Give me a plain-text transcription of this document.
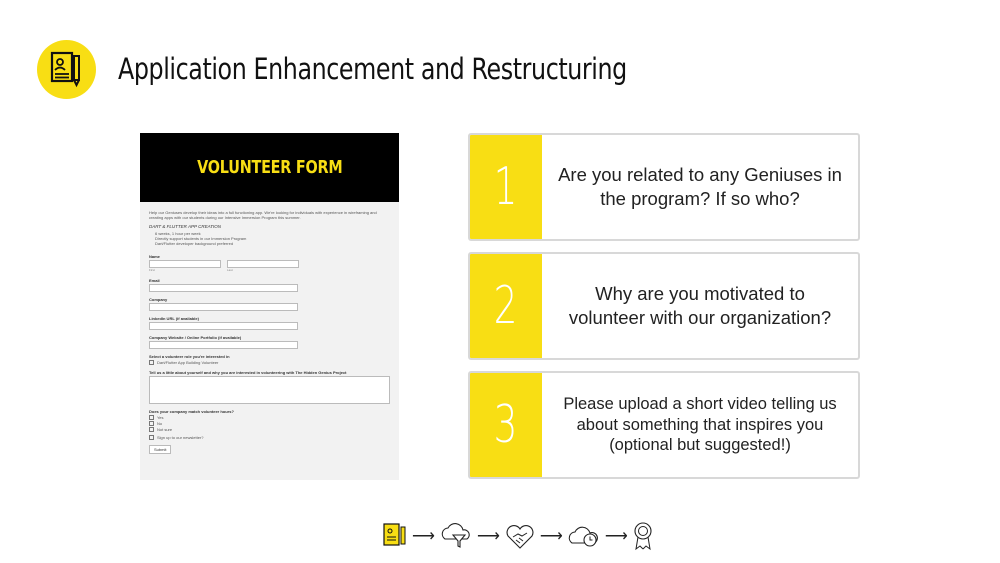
Application Enhancement and Restructuring
VOLUNTEER FORM
Help our Geniuses develop their ideas into a full functioning app. We're looking for individuals with experience in wireframing and creating apps with our students during our Intensive Immersion Program this summer.
DART & FLUTTER APP CREATION
6 weeks, 1 hour per week
Directly support students in our Immersion Program
Dart/Flutter developer background preferred
Name
First	Last
Email
Company
LinkedIn URL (if available)
Company Website / Online Portfolio (if available)
Select a volunteer role you're interested in
Dart/Flutter App Building Volunteer
Tell us a little about yourself and why you are interested in volunteering with The Hidden Genius Project
Does your company match volunteer hours?
Yes
No
Not sure
Sign up to our newsletter?
Submit
1	Are you related to any Geniuses in the program? If so who?
2	Why are you motivated to volunteer with our organization?
3	Please upload a short video telling us about something that inspires you (optional but suggested!)
⟶	⟶	⟶	⟶
